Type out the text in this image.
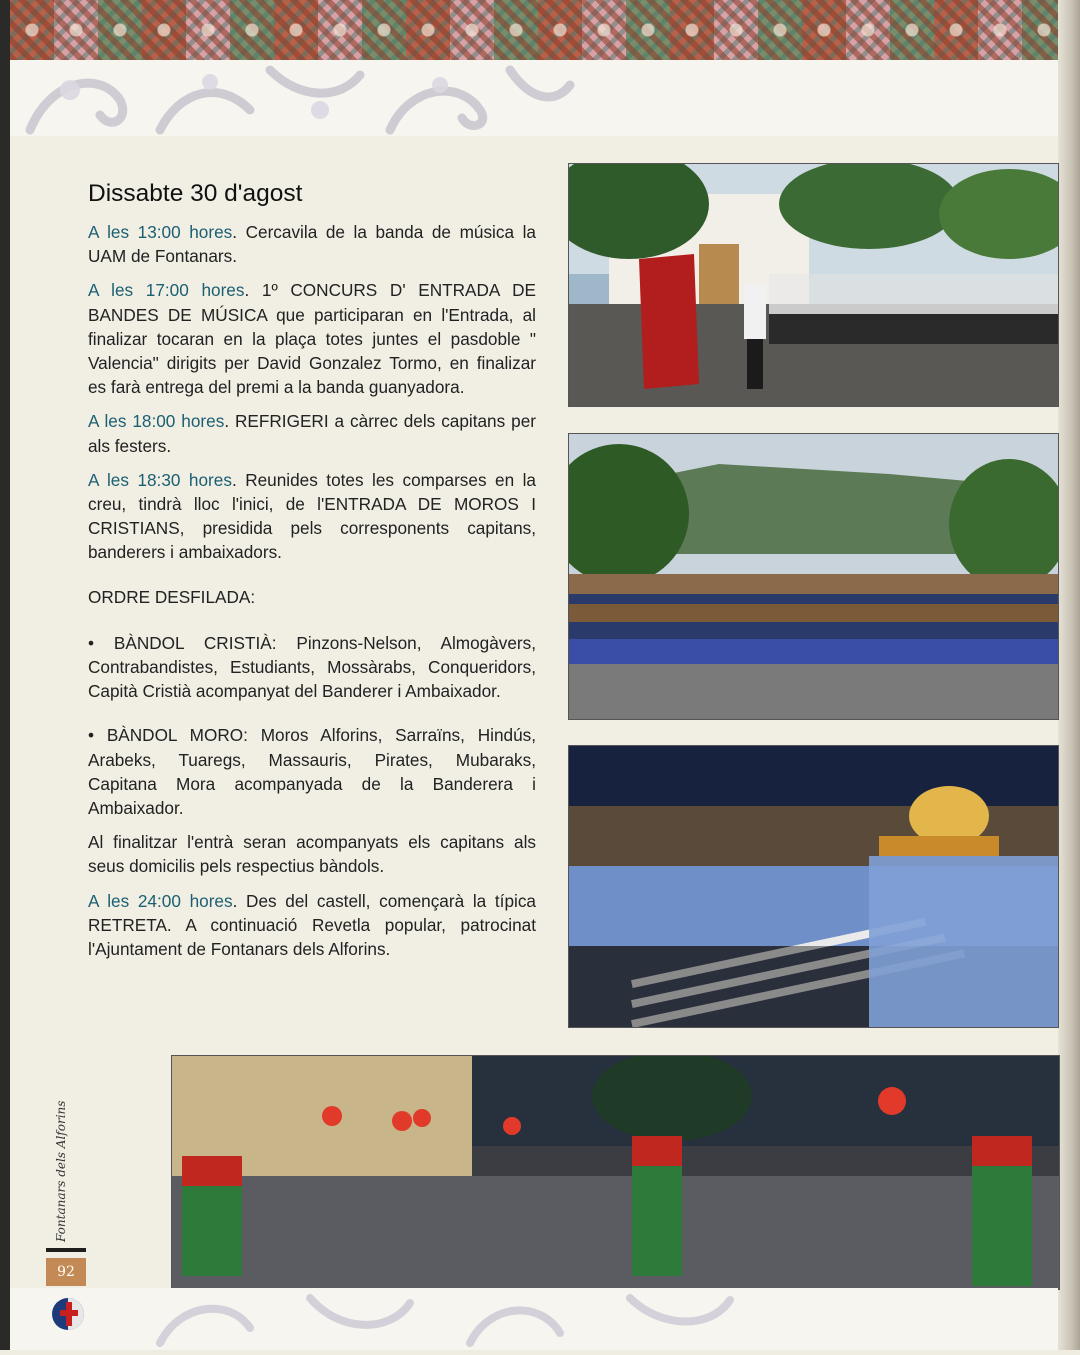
Dissabte 30 d'agost

A les 13:00 hores. Cercavila de la banda de música la UAM de Fontanars.

A les 17:00 hores. 1º CONCURS D' ENTRADA DE BANDES DE MÚSICA que participaran en l'Entrada, al finalizar tocaran en la plaça totes juntes el pasdoble " Valencia" dirigits per David Gonzalez Tormo, en finalizar es farà entrega del premi a la banda guanyadora.

A les 18:00 hores. REFRIGERI a càrrec dels capitans per als festers.

A les 18:30 hores. Reunides totes les comparses en la creu, tindrà lloc l'inici, de l'ENTRADA DE MOROS I CRISTIANS, presidida pels corresponents capitans, banderers i ambaixadors.

ORDRE DESFILADA:

• BÀNDOL CRISTIÀ: Pinzons-Nelson, Almogàvers, Contrabandistes, Estudiants, Mossàrabs, Conqueridors, Capità Cristià acompanyat del Banderer i Ambaixador.

• BÀNDOL MORO: Moros Alforins, Sarraïns, Hindús, Arabeks, Tuaregs, Massauris, Pirates, Mubaraks, Capitana Mora acompanyada de la Banderera i Ambaixador.

Al finalitzar l'entrà seran acompanyats els capitans als seus domicilis pels respectius bàndols.

A les 24:00 hores. Des del castell, començarà la típica RETRETA. A continuació Revetla popular, patrocinat l'Ajuntament de Fontanars dels Alforins.

Fontanars dels Alforins
92
